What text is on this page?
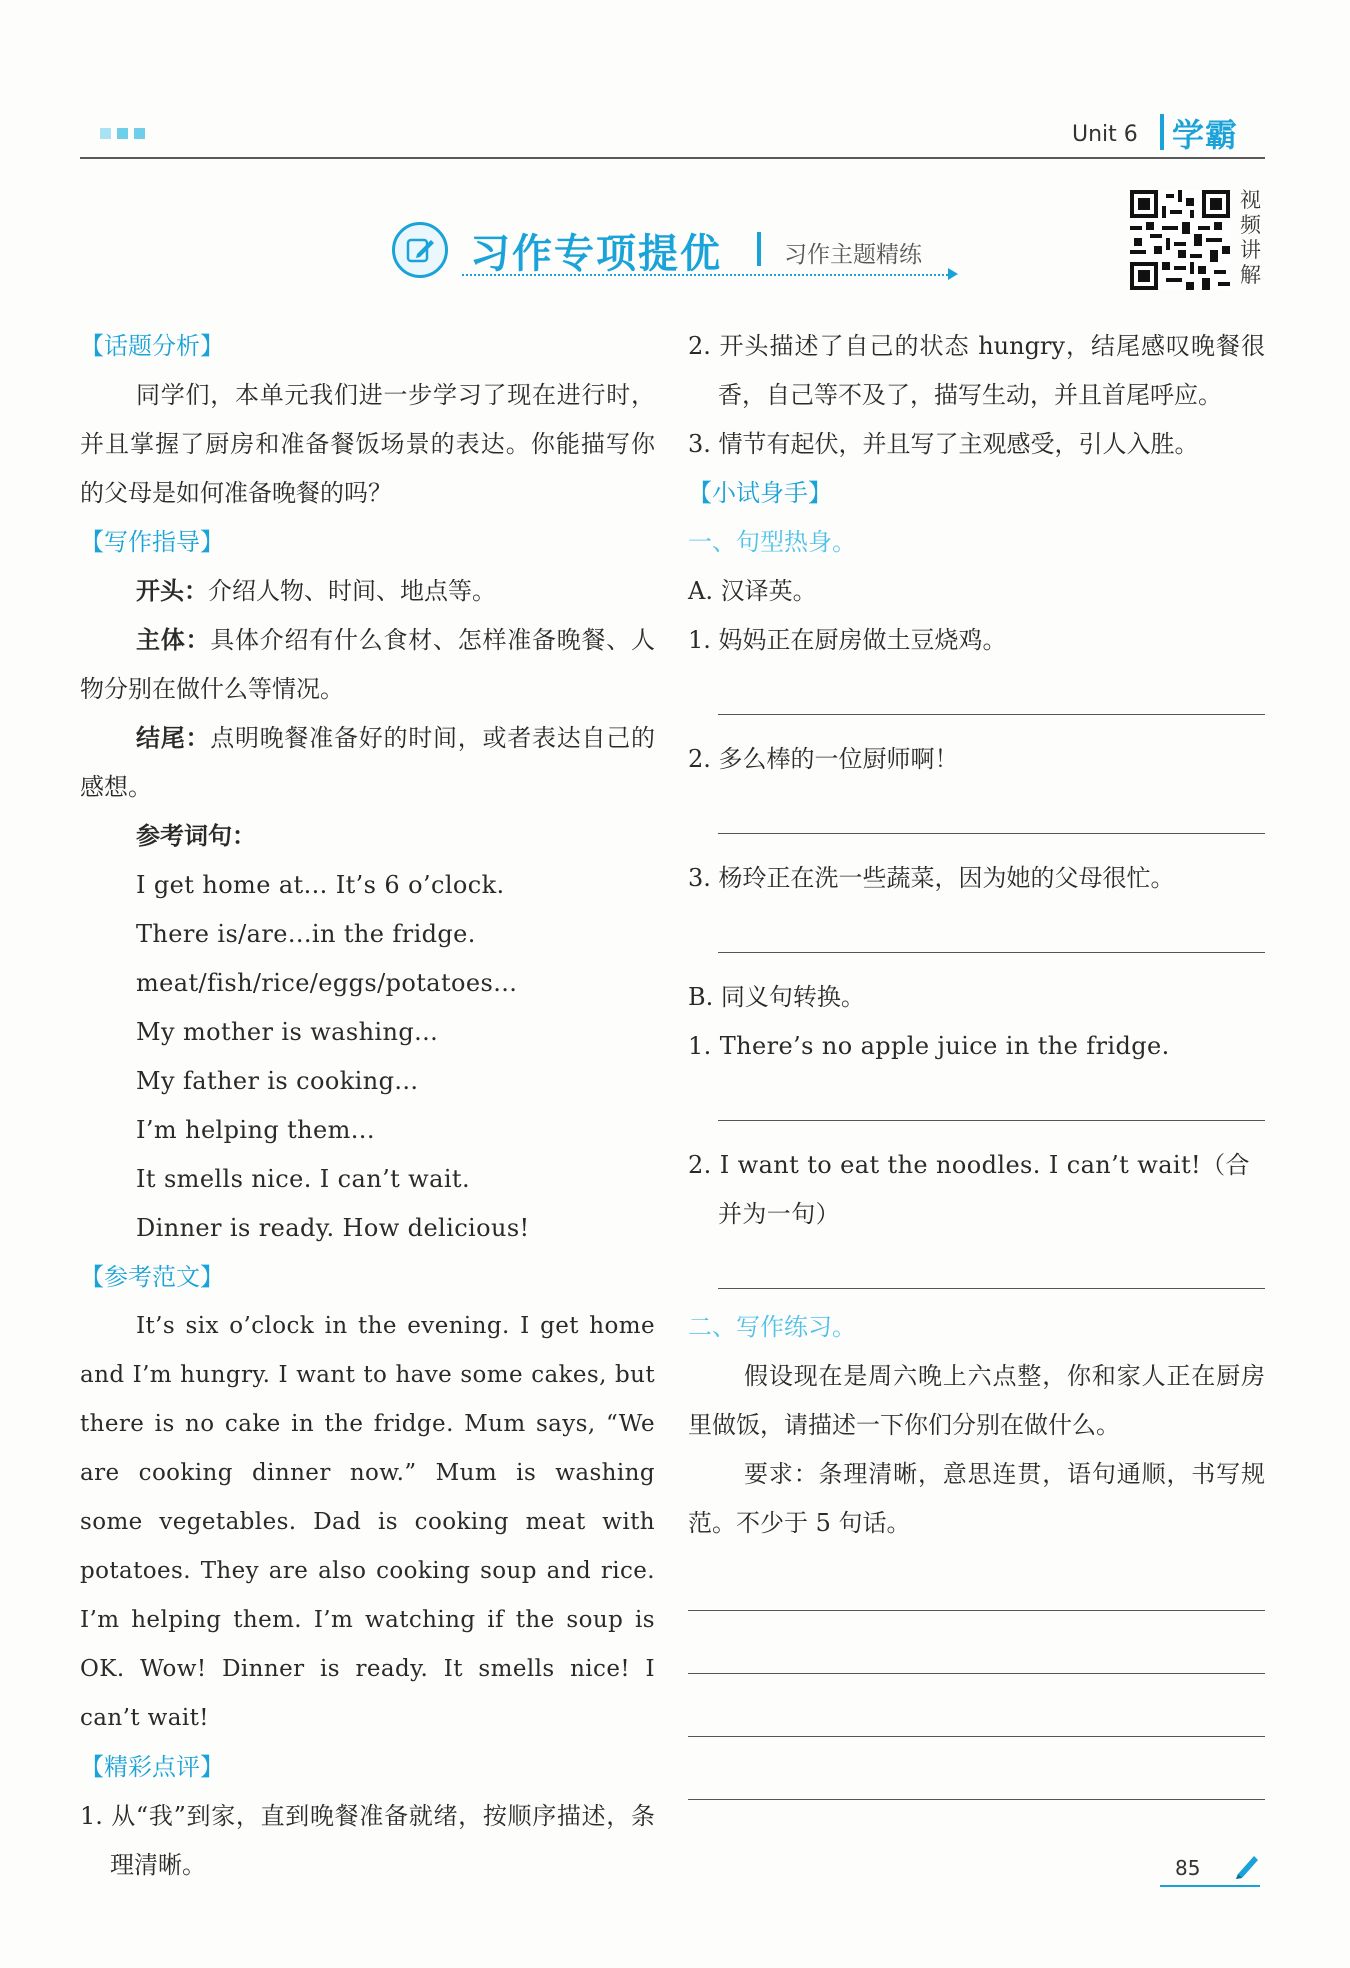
Unit 6 学霸
习作专项提优	习作主题精练
视
频
讲
解

【话题分析】

同学们，本单元我们进一步学习了现在进行时，并且掌握了厨房和准备餐饭场景的表达。你能描写你的父母是如何准备晚餐的吗？

【写作指导】

开头：介绍人物、时间、地点等。

主体：具体介绍有什么食材、怎样准备晚餐、人物分别在做什么等情况。

结尾：点明晚餐准备好的时间，或者表达自己的感想。

参考词句：

I get home at... It’s 6 o’clock.

There is/are...in the fridge.

meat/fish/rice/eggs/potatoes...

My mother is washing...

My father is cooking...

I’m helping them...

It smells nice. I can’t wait.

Dinner is ready. How delicious!

【参考范文】

It’s six o’clock in the evening. I get home and I’m hungry. I want to have some cakes, but there is no cake in the fridge. Mum says, “We are cooking dinner now.” Mum is washing some vegetables. Dad is cooking meat with potatoes. They are also cooking soup and rice. I’m helping them. I’m watching if the soup is OK. Wow! Dinner is ready. It smells nice! I can’t wait!

【精彩点评】

1. 从“我”到家，直到晚餐准备就绪，按顺序描述，条理清晰。

2. 开头描述了自己的状态 hungry，结尾感叹晚餐很香，自己等不及了，描写生动，并且首尾呼应。

3. 情节有起伏，并且写了主观感受，引人入胜。

【小试身手】

一、句型热身。

A. 汉译英。

1. 妈妈正在厨房做土豆烧鸡。

2. 多么棒的一位厨师啊！

3. 杨玲正在洗一些蔬菜，因为她的父母很忙。

B. 同义句转换。

1. There’s no apple juice in the fridge.

2. I want to eat the noodles. I can’t wait!（合并为一句）

二、写作练习。

假设现在是周六晚上六点整，你和家人正在厨房里做饭，请描述一下你们分别在做什么。

要求：条理清晰，意思连贯，语句通顺，书写规范。不少于 5 句话。

85
